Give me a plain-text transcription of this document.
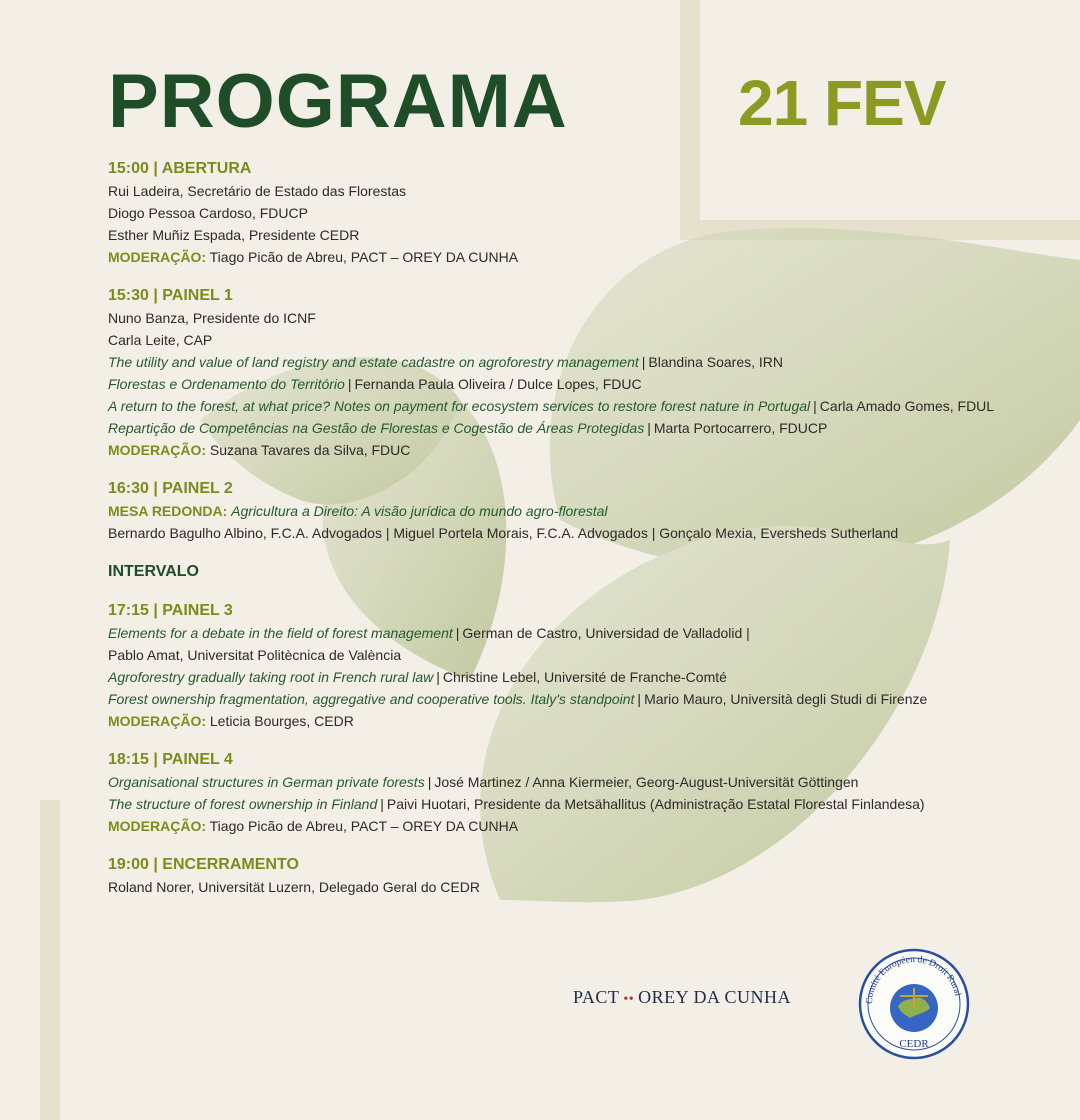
PROGRAMA	21 FEV
15:00 | ABERTURA
Rui Ladeira, Secretário de Estado das Florestas
Diogo Pessoa Cardoso, FDUCP
Esther Muñiz Espada, Presidente CEDR
MODERAÇÃO: Tiago Picão de Abreu, PACT – OREY DA CUNHA
15:30 | PAINEL 1
Nuno Banza, Presidente do ICNF
Carla Leite, CAP
The utility and value of land registry and estate cadastre on agroforestry management | Blandina Soares, IRN
Florestas e Ordenamento do Território | Fernanda Paula Oliveira / Dulce Lopes, FDUC
A return to the forest, at what price? Notes on payment for ecosystem services to restore forest nature in Portugal | Carla Amado Gomes, FDUL
Repartição de Competências na Gestão de Florestas e Cogestão de Áreas Protegidas | Marta Portocarrero, FDUCP
MODERAÇÃO: Suzana Tavares da Silva, FDUC
16:30 | PAINEL 2
MESA REDONDA: Agricultura a Direito: A visão jurídica do mundo agro-florestal
Bernardo Bagulho Albino, F.C.A. Advogados | Miguel Portela Morais, F.C.A. Advogados | Gonçalo Mexia, Eversheds Sutherland
INTERVALO
17:15 | PAINEL 3
Elements for a debate in the field of forest management | German de Castro, Universidad de Valladolid |
Pablo Amat, Universitat Politècnica de València
Agroforestry gradually taking root in French rural law | Christine Lebel, Université de Franche-Comté
Forest ownership fragmentation, aggregative and cooperative tools. Italy's standpoint | Mario Mauro, Università degli Studi di Firenze
MODERAÇÃO: Leticia Bourges, CEDR
18:15 | PAINEL 4
Organisational structures in German private forests | José Martinez / Anna Kiermeier, Georg-August-Universität Göttingen
The structure of forest ownership in Finland | Paivi Huotari, Presidente da Metsähallitus (Administração Estatal Florestal Finlandesa)
MODERAÇÃO: Tiago Picão de Abreu, PACT – OREY DA CUNHA
19:00 | ENCERRAMENTO
Roland Norer, Universität Luzern, Delegado Geral do CEDR
PACT •• OREY DA CUNHA	Comité Européen de Droit Rural
CEDR
